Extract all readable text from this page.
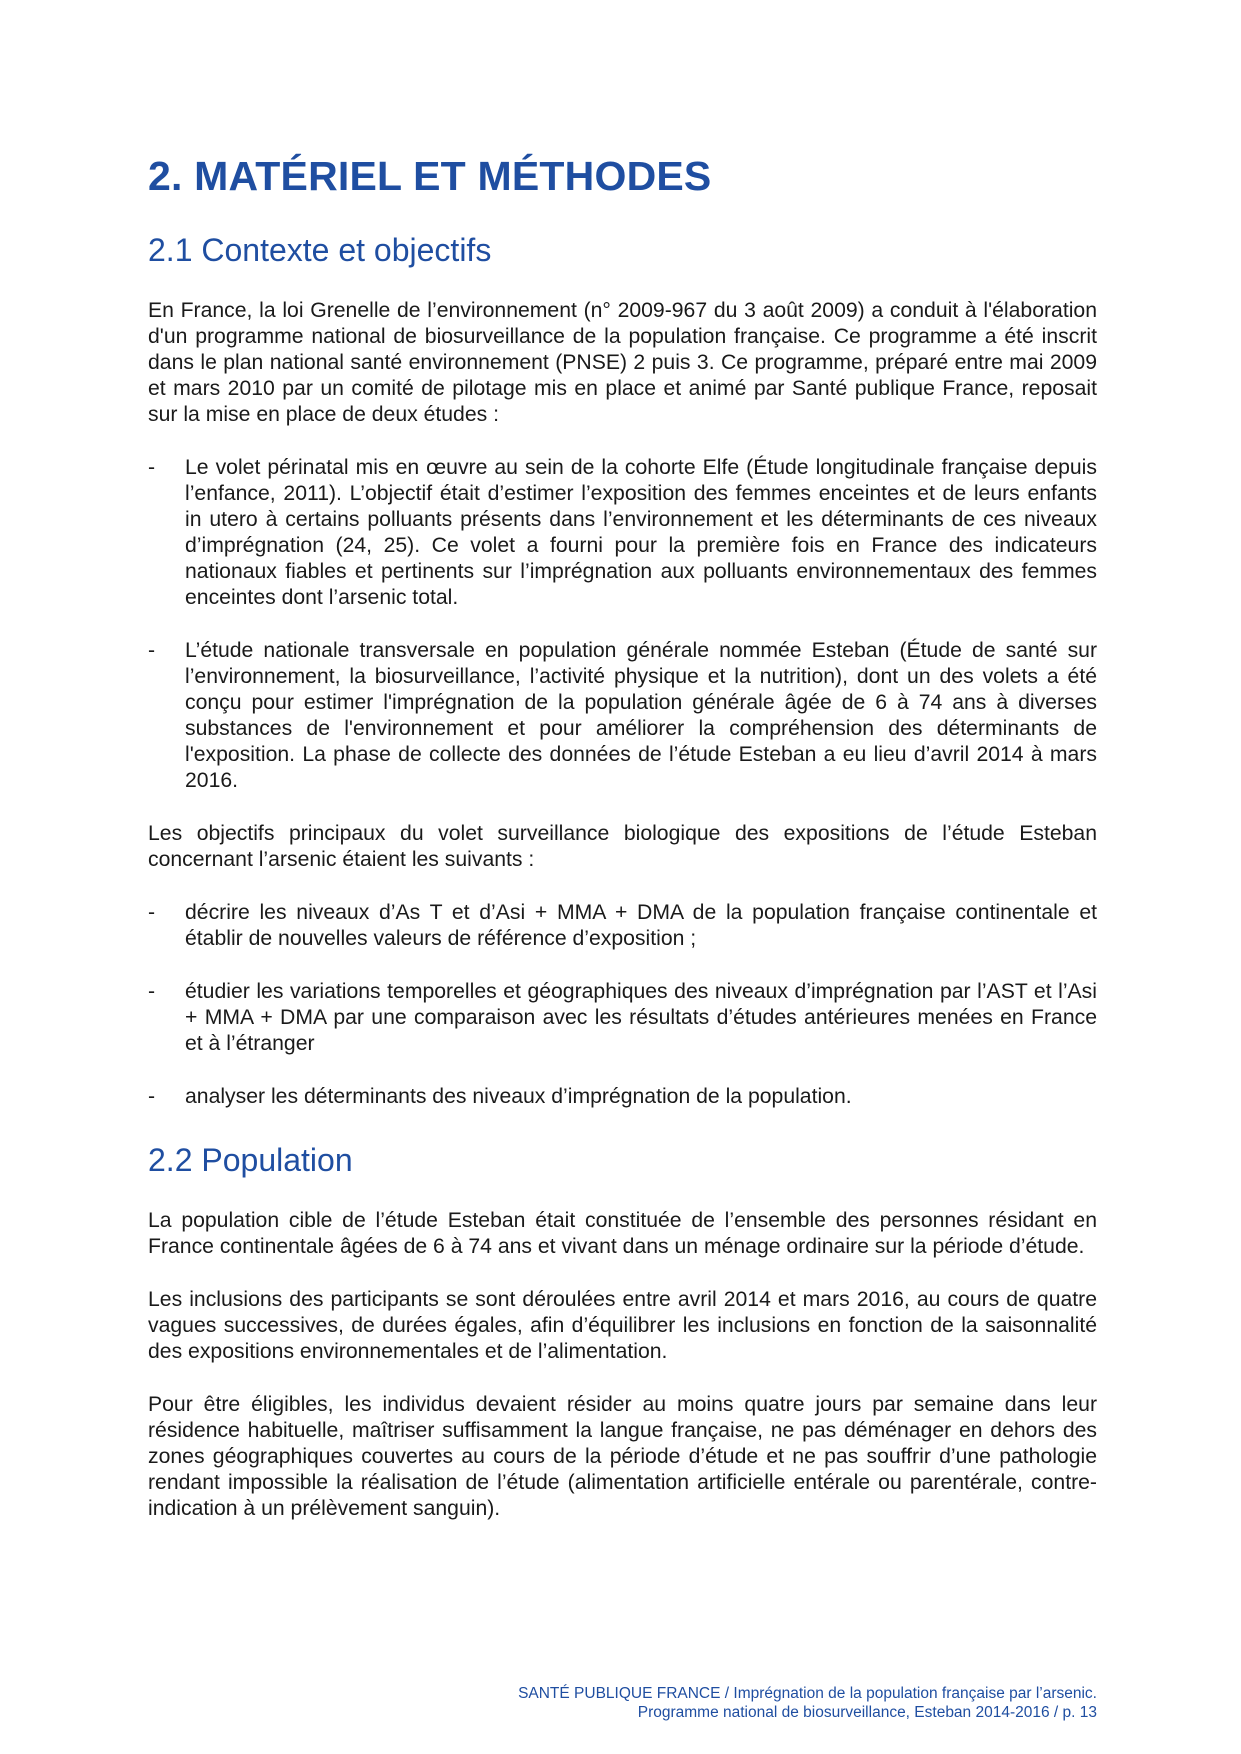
2. MATÉRIEL ET MÉTHODES
2.1 Contexte et objectifs

En France, la loi Grenelle de l’environnement (n° 2009-967 du 3 août 2009) a conduit à l'élaboration d'un programme national de biosurveillance de la population française. Ce programme a été inscrit dans le plan national santé environnement (PNSE) 2 puis 3. Ce programme, préparé entre mai 2009 et mars 2010 par un comité de pilotage mis en place et animé par Santé publique France, reposait sur la mise en place de deux études :

- Le volet périnatal mis en œuvre au sein de la cohorte Elfe (Étude longitudinale française depuis l’enfance, 2011). L’objectif était d’estimer l’exposition des femmes enceintes et de leurs enfants in utero à certains polluants présents dans l’environnement et les déterminants de ces niveaux d’imprégnation (24, 25). Ce volet a fourni pour la première fois en France des indicateurs nationaux fiables et pertinents sur l’imprégnation aux polluants environnementaux des femmes enceintes dont l’arsenic total.
- L’étude nationale transversale en population générale nommée Esteban (Étude de santé sur l’environnement, la biosurveillance, l’activité physique et la nutrition), dont un des volets a été conçu pour estimer l'imprégnation de la population générale âgée de 6 à 74 ans à diverses substances de l'environnement et pour améliorer la compréhension des déterminants de l'exposition. La phase de collecte des données de l’étude Esteban a eu lieu d’avril 2014 à mars 2016.

Les objectifs principaux du volet surveillance biologique des expositions de l’étude Esteban concernant l’arsenic étaient les suivants :

- décrire les niveaux d’As T et d’Asi + MMA + DMA de la population française continentale et établir de nouvelles valeurs de référence d’exposition ;
- étudier les variations temporelles et géographiques des niveaux d’imprégnation par l’AST et l’Asi + MMA + DMA par une comparaison avec les résultats d’études antérieures menées en France et à l’étranger
- analyser les déterminants des niveaux d’imprégnation de la population.
2.2 Population

La population cible de l’étude Esteban était constituée de l’ensemble des personnes résidant en France continentale âgées de 6 à 74 ans et vivant dans un ménage ordinaire sur la période d’étude.

Les inclusions des participants se sont déroulées entre avril 2014 et mars 2016, au cours de quatre vagues successives, de durées égales, afin d’équilibrer les inclusions en fonction de la saisonnalité des expositions environnementales et de l’alimentation.

Pour être éligibles, les individus devaient résider au moins quatre jours par semaine dans leur résidence habituelle, maîtriser suffisamment la langue française, ne pas déménager en dehors des zones géographiques couvertes au cours de la période d’étude et ne pas souffrir d’une pathologie rendant impossible la réalisation de l’étude (alimentation artificielle entérale ou parentérale, contre-indication à un prélèvement sanguin).

SANTÉ PUBLIQUE FRANCE / Imprégnation de la population française par l’arsenic.
Programme national de biosurveillance, Esteban 2014-2016 / p. 13
